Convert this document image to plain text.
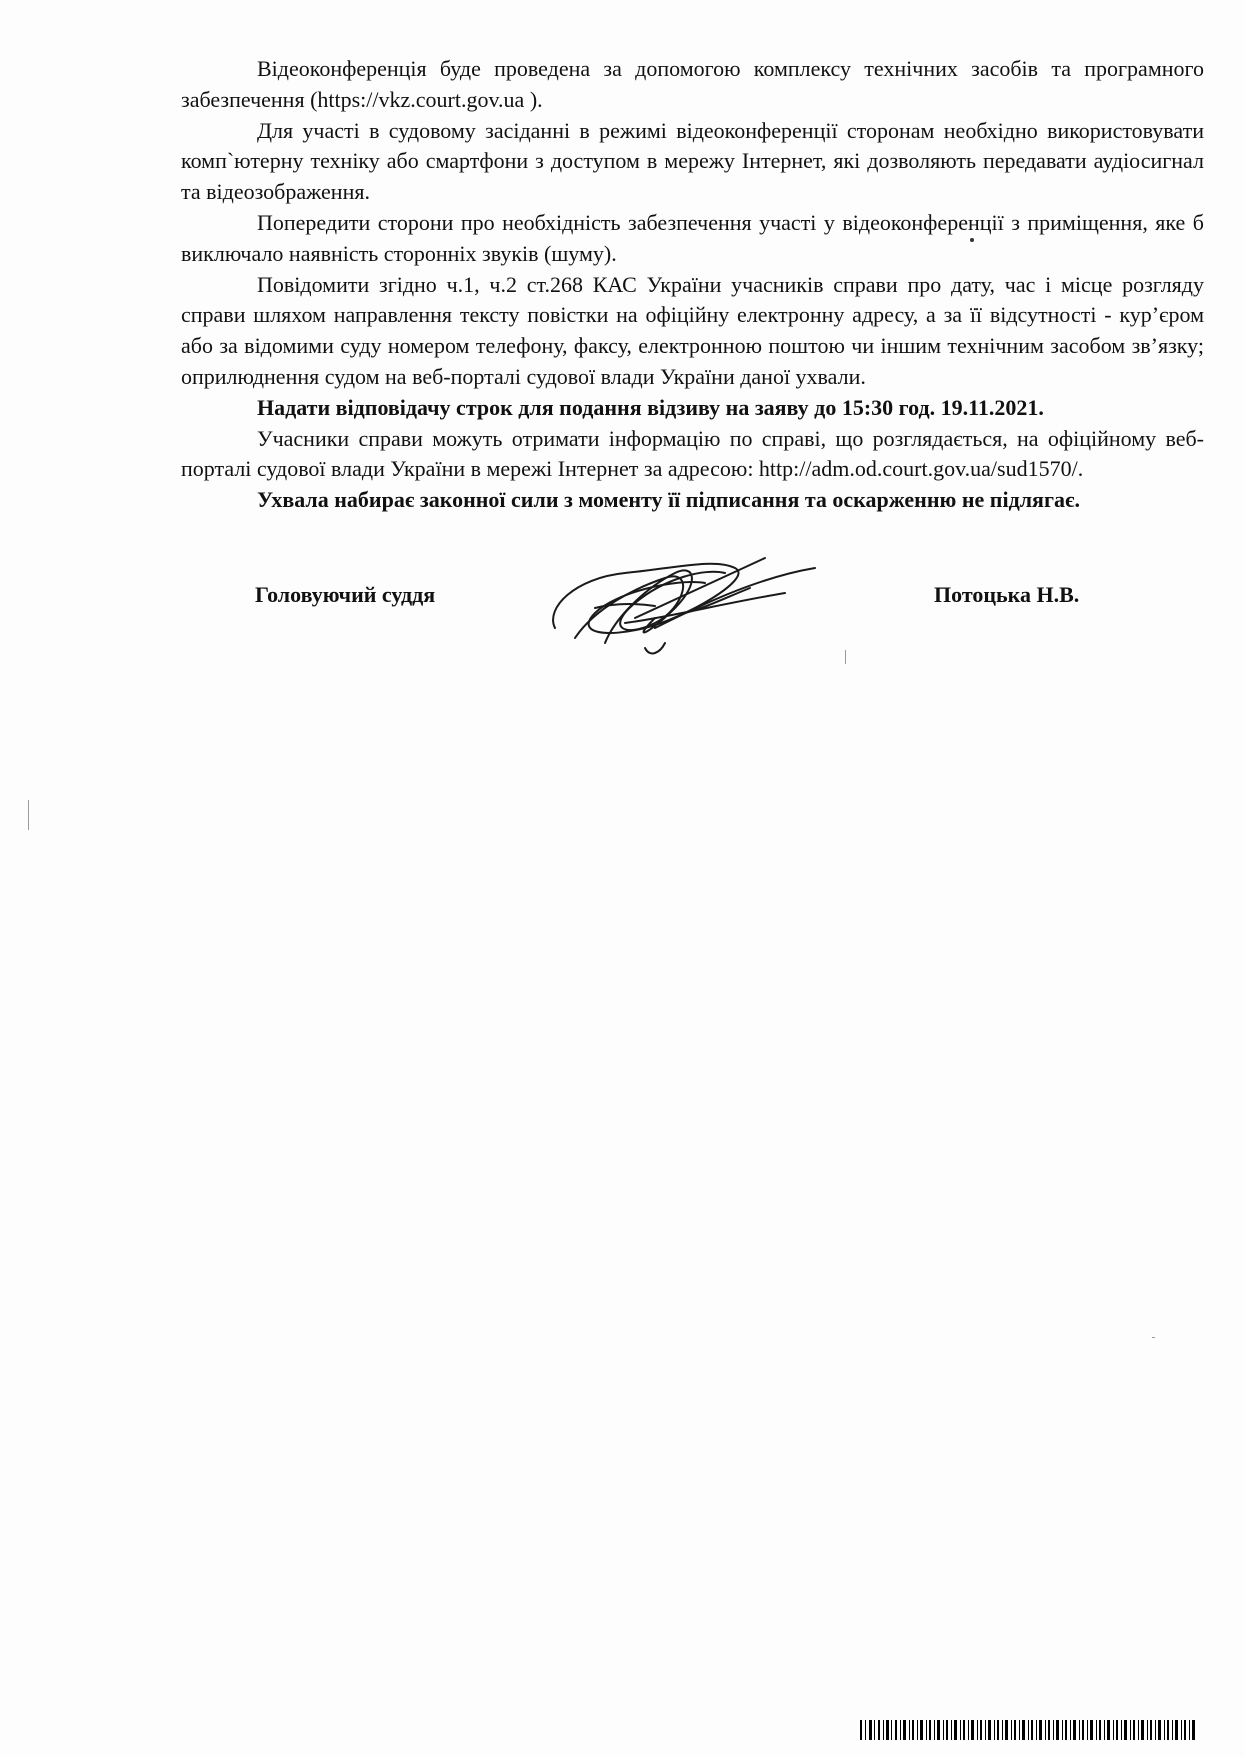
Відеоконференція буде проведена за допомогою комплексу технічних засобів та програмного забезпечення (https://vkz.court.gov.ua ).

Для участі в судовому засіданні в режимі відеоконференції сторонам необхідно використовувати комп`ютерну техніку або смартфони з доступом в мережу Інтернет, які дозволяють передавати аудіосигнал та відеозображення.

Попередити сторони про необхідність забезпечення участі у відеоконференції з приміщення, яке б виключало наявність сторонніх звуків (шуму).

Повідомити згідно ч.1, ч.2 ст.268 КАС України учасників справи про дату, час і місце розгляду справи шляхом направлення тексту повістки на офіційну електронну адресу, а за її відсутності - кур’єром або за відомими суду номером телефону, факсу, електронною поштою чи іншим технічним засобом зв’язку; оприлюднення судом на веб-порталі судової влади України даної ухвали.

Надати відповідачу строк для подання відзиву на заяву до 15:30 год. 19.11.2021.

Учасники справи можуть отримати інформацію по справі, що розглядається, на офіційному веб-порталі судової влади України в мережі Інтернет за адресою: http://adm.od.court.gov.ua/sud1570/.

Ухвала набирає законної сили з моменту її підписання та оскарженню не підлягає.

Головуючий суддя	Потоцька Н.В.
